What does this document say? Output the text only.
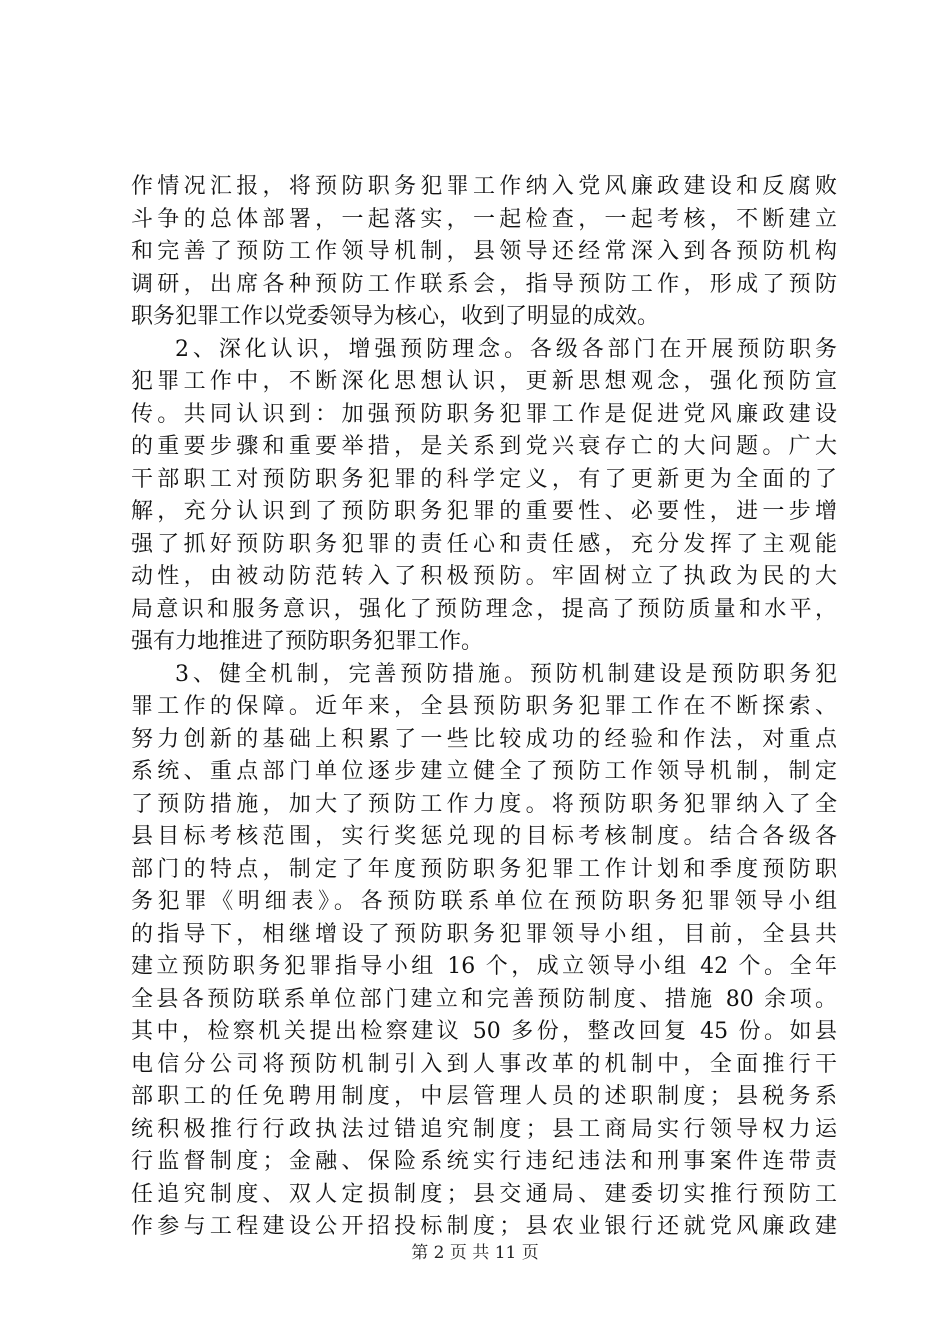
作情况汇报，将预防职务犯罪工作纳入党风廉政建设和反腐败
斗争的总体部署，一起落实，一起检查，一起考核，不断建立
和完善了预防工作领导机制，县领导还经常深入到各预防机构
调研，出席各种预防工作联系会，指导预防工作，形成了预防
职务犯罪工作以党委领导为核心，收到了明显的成效。
2、深化认识，增强预防理念。各级各部门在开展预防职务
犯罪工作中，不断深化思想认识，更新思想观念，强化预防宣
传。共同认识到：加强预防职务犯罪工作是促进党风廉政建设
的重要步骤和重要举措，是关系到党兴衰存亡的大问题。广大
干部职工对预防职务犯罪的科学定义，有了更新更为全面的了
解，充分认识到了预防职务犯罪的重要性、必要性，进一步增
强了抓好预防职务犯罪的责任心和责任感，充分发挥了主观能
动性，由被动防范转入了积极预防。牢固树立了执政为民的大
局意识和服务意识，强化了预防理念，提高了预防质量和水平，
强有力地推进了预防职务犯罪工作。
3、健全机制，完善预防措施。预防机制建设是预防职务犯
罪工作的保障。近年来，全县预防职务犯罪工作在不断探索、
努力创新的基础上积累了一些比较成功的经验和作法，对重点
系统、重点部门单位逐步建立健全了预防工作领导机制，制定
了预防措施，加大了预防工作力度。将预防职务犯罪纳入了全
县目标考核范围，实行奖惩兑现的目标考核制度。结合各级各
部门的特点，制定了年度预防职务犯罪工作计划和季度预防职
务犯罪《明细表》。各预防联系单位在预防职务犯罪领导小组
的指导下，相继增设了预防职务犯罪领导小组，目前，全县共
建立预防职务犯罪指导小组 16 个，成立领导小组 42 个。全年
全县各预防联系单位部门建立和完善预防制度、措施 80 余项。
其中，检察机关提出检察建议 50 多份，整改回复 45 份。如县
电信分公司将预防机制引入到人事改革的机制中，全面推行干
部职工的任免聘用制度，中层管理人员的述职制度；县税务系
统积极推行行政执法过错追究制度；县工商局实行领导权力运
行监督制度；金融、保险系统实行违纪违法和刑事案件连带责
任追究制度、双人定损制度；县交通局、建委切实推行预防工
作参与工程建设公开招投标制度；县农业银行还就党风廉政建
第 2 页 共 11 页
